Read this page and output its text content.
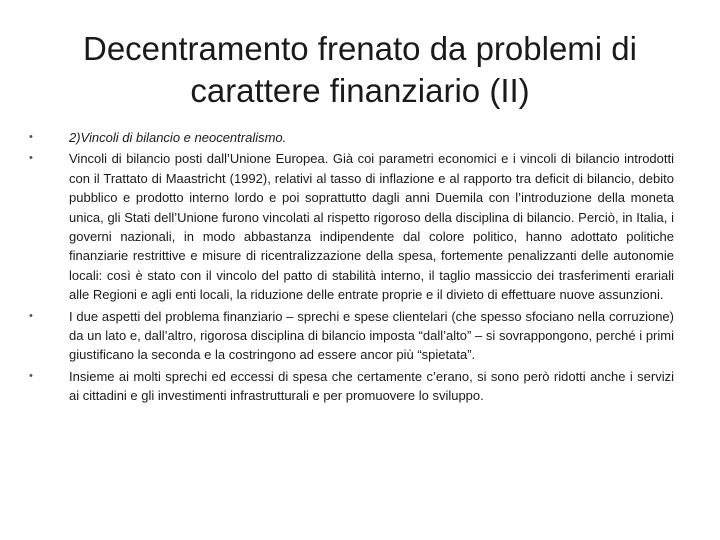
Decentramento frenato da problemi di
carattere finanziario (II)
• 2)Vincoli di bilancio e neocentralismo.
• Vincoli di bilancio posti dall’Unione Europea. Già coi parametri economici e i vincoli di bilancio introdotti con il Trattato di Maastricht (1992), relativi al tasso di inflazione e al rapporto tra deficit di bilancio, debito pubblico e prodotto interno lordo e poi soprattutto dagli anni Duemila con l’introduzione della moneta unica, gli Stati dell’Unione furono vincolati al rispetto rigoroso della disciplina di bilancio. Perciò, in Italia, i governi nazionali, in modo abbastanza indipendente dal colore politico, hanno adottato politiche finanziarie restrittive e misure di ricentralizzazione della spesa, fortemente penalizzanti delle autonomie locali: così è stato con il vincolo del patto di stabilità interno, il taglio massiccio dei trasferimenti erariali alle Regioni e agli enti locali, la riduzione delle entrate proprie e il divieto di effettuare nuove assunzioni.
• I due aspetti del problema finanziario – sprechi e spese clientelari (che spesso sfociano nella corruzione) da un lato e, dall’altro, rigorosa disciplina di bilancio imposta “dall’alto” – si sovrappongono, perché i primi giustificano la seconda e la costringono ad essere ancor più “spietata”.
• Insieme ai molti sprechi ed eccessi di spesa che certamente c’erano, si sono però ridotti anche i servizi ai cittadini e gli investimenti infrastrutturali e per promuovere lo sviluppo.
